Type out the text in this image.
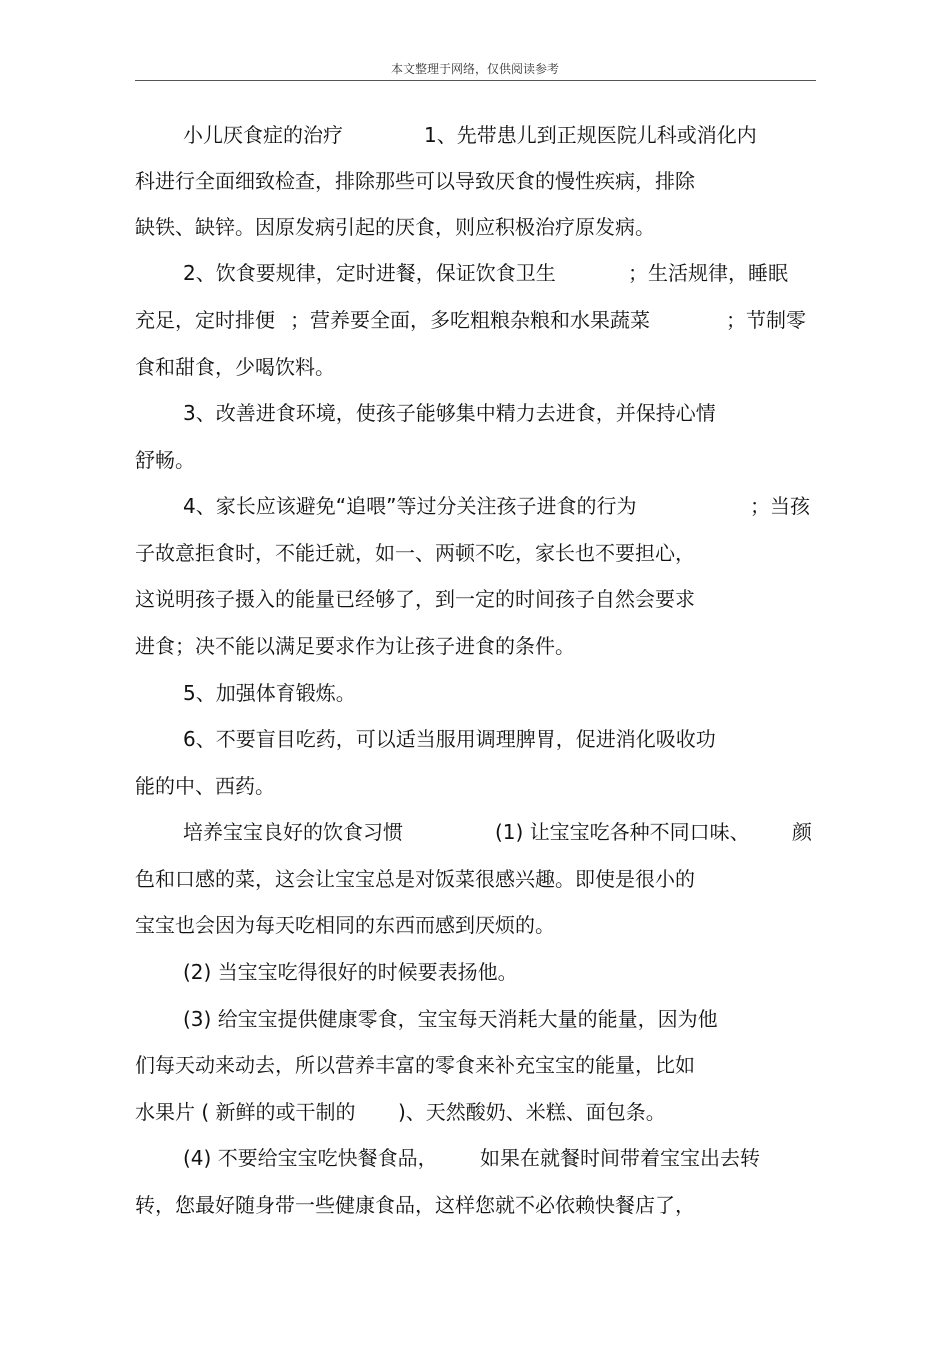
本文整理于网络，仅供阅读参考
小儿厌食症的治疗	1、先带患儿到正规医院儿科或消化内
科进行全面细致检查，排除那些可以导致厌食的慢性疾病，排除
缺铁、缺锌。因原发病引起的厌食，则应积极治疗原发病。
2、饮食要规律，定时进餐，保证饮食卫生	；生活规律，睡眠
充足，定时排便 ；营养要全面，多吃粗粮杂粮和水果蔬菜	；节制零
食和甜食，少喝饮料。
3、改善进食环境，使孩子能够集中精力去进食，并保持心情
舒畅。
4、家长应该避免“追喂”等过分关注孩子进食的行为	；当孩
子故意拒食时，不能迁就，如一、两顿不吃，家长也不要担心，
这说明孩子摄入的能量已经够了，到一定的时间孩子自然会要求
进食；决不能以满足要求作为让孩子进食的条件。
5、加强体育锻炼。
6、不要盲目吃药，可以适当服用调理脾胃，促进消化吸收功
能的中、西药。
培养宝宝良好的饮食习惯	(1) 让宝宝吃各种不同口味、 颜
色和口感的菜，这会让宝宝总是对饭菜很感兴趣。即使是很小的
宝宝也会因为每天吃相同的东西而感到厌烦的。
(2) 当宝宝吃得很好的时候要表扬他。
(3) 给宝宝提供健康零食，宝宝每天消耗大量的能量，因为他
们每天动来动去，所以营养丰富的零食来补充宝宝的能量，比如
水果片 ( 新鲜的或干制的 )、天然酸奶、米糕、面包条。
(4) 不要给宝宝吃快餐食品， 如果在就餐时间带着宝宝出去转
转，您最好随身带一些健康食品，这样您就不必依赖快餐店了，
